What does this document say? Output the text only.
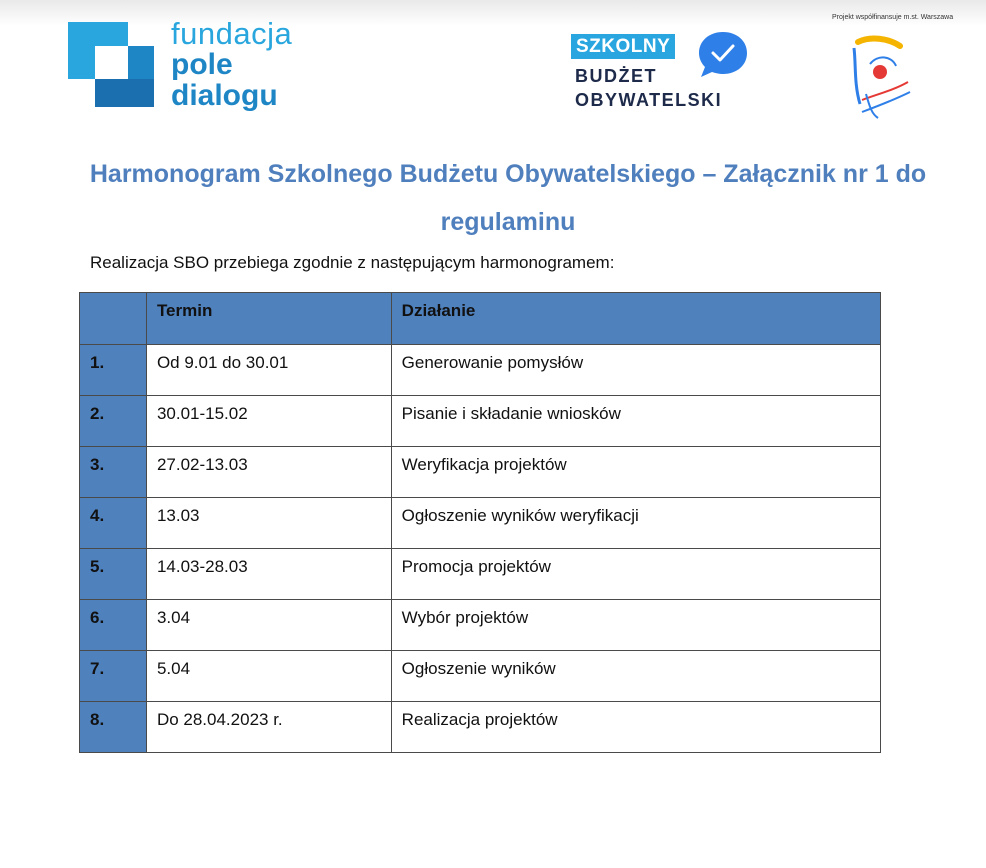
fundacja
pole
dialogu
SZKOLNY
BUDŻET
OBYWATELSKI
Projekt współfinansuje m.st. Warszawa
Harmonogram Szkolnego Budżetu Obywatelskiego – Załącznik nr 1 do regulaminu
Realizacja SBO przebiega zgodnie z następującym harmonogramem:
	Termin	Działanie
1.	Od 9.01 do 30.01	Generowanie pomysłów
2.	30.01-15.02	Pisanie i składanie wniosków
3.	27.02-13.03	Weryfikacja projektów
4.	13.03	Ogłoszenie wyników weryfikacji
5.	14.03-28.03	Promocja projektów
6.	3.04	Wybór projektów
7.	5.04	Ogłoszenie wyników
8.	Do 28.04.2023 r.	Realizacja projektów
